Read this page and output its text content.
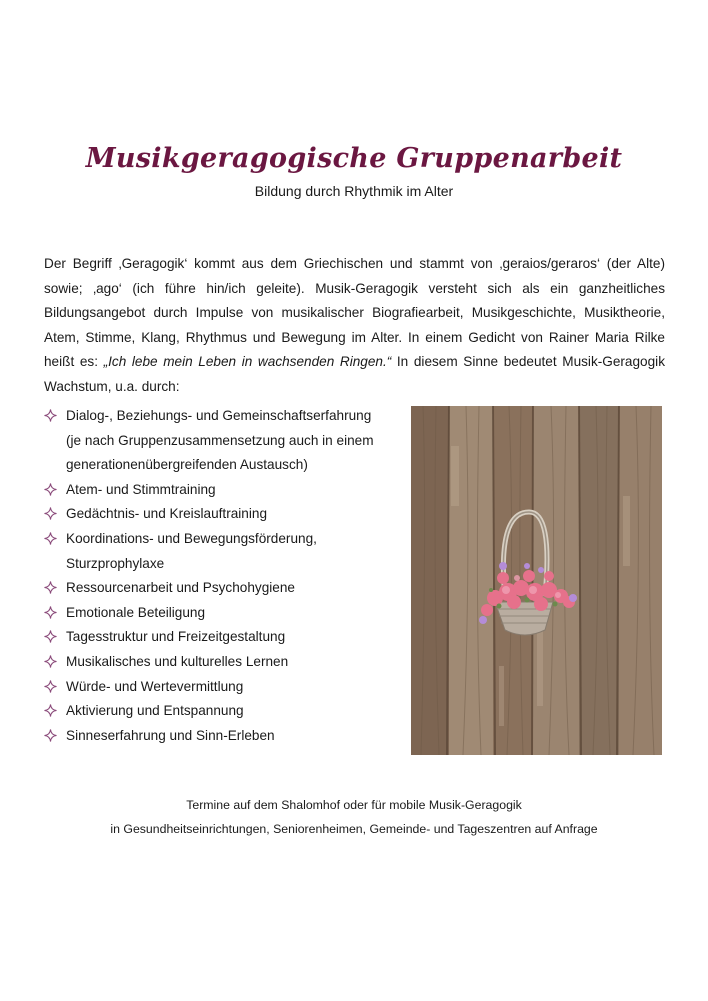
Musikgeragogische Gruppenarbeit
Bildung durch Rhythmik im Alter
Der Begriff ‚Geragogik‘ kommt aus dem Griechischen und stammt von ‚geraios/geraros‘ (der Alte) sowie; ‚ago‘ (ich führe hin/ich geleite). Musik-Geragogik versteht sich als ein ganzheitliches Bildungsangebot durch Impulse von musikalischer Biografiearbeit, Musikgeschichte, Musiktheorie, Atem, Stimme, Klang, Rhythmus und Bewegung im Alter. In einem Gedicht von Rainer Maria Rilke heißt es: „Ich lebe mein Leben in wachsenden Ringen.“ In diesem Sinne bedeutet Musik-Geragogik Wachstum, u.a. durch:
Dialog-, Beziehungs- und Gemeinschaftserfahrung
(je nach Gruppenzusammensetzung auch in einem
generationenübergreifenden Austausch)
Atem- und Stimmtraining
Gedächtnis- und Kreislauftraining
Koordinations- und Bewegungsförderung,
Sturzprophylaxe
Ressourcenarbeit und Psychohygiene
Emotionale Beteiligung
Tagesstruktur und Freizeitgestaltung
Musikalisches und kulturelles Lernen
Würde- und Wertevermittlung
Aktivierung und Entspannung
Sinneserfahrung und Sinn-Erleben
Termine auf dem Shalomhof oder für mobile Musik-Geragogik
in Gesundheitseinrichtungen, Seniorenheimen, Gemeinde- und Tageszentren auf Anfrage
